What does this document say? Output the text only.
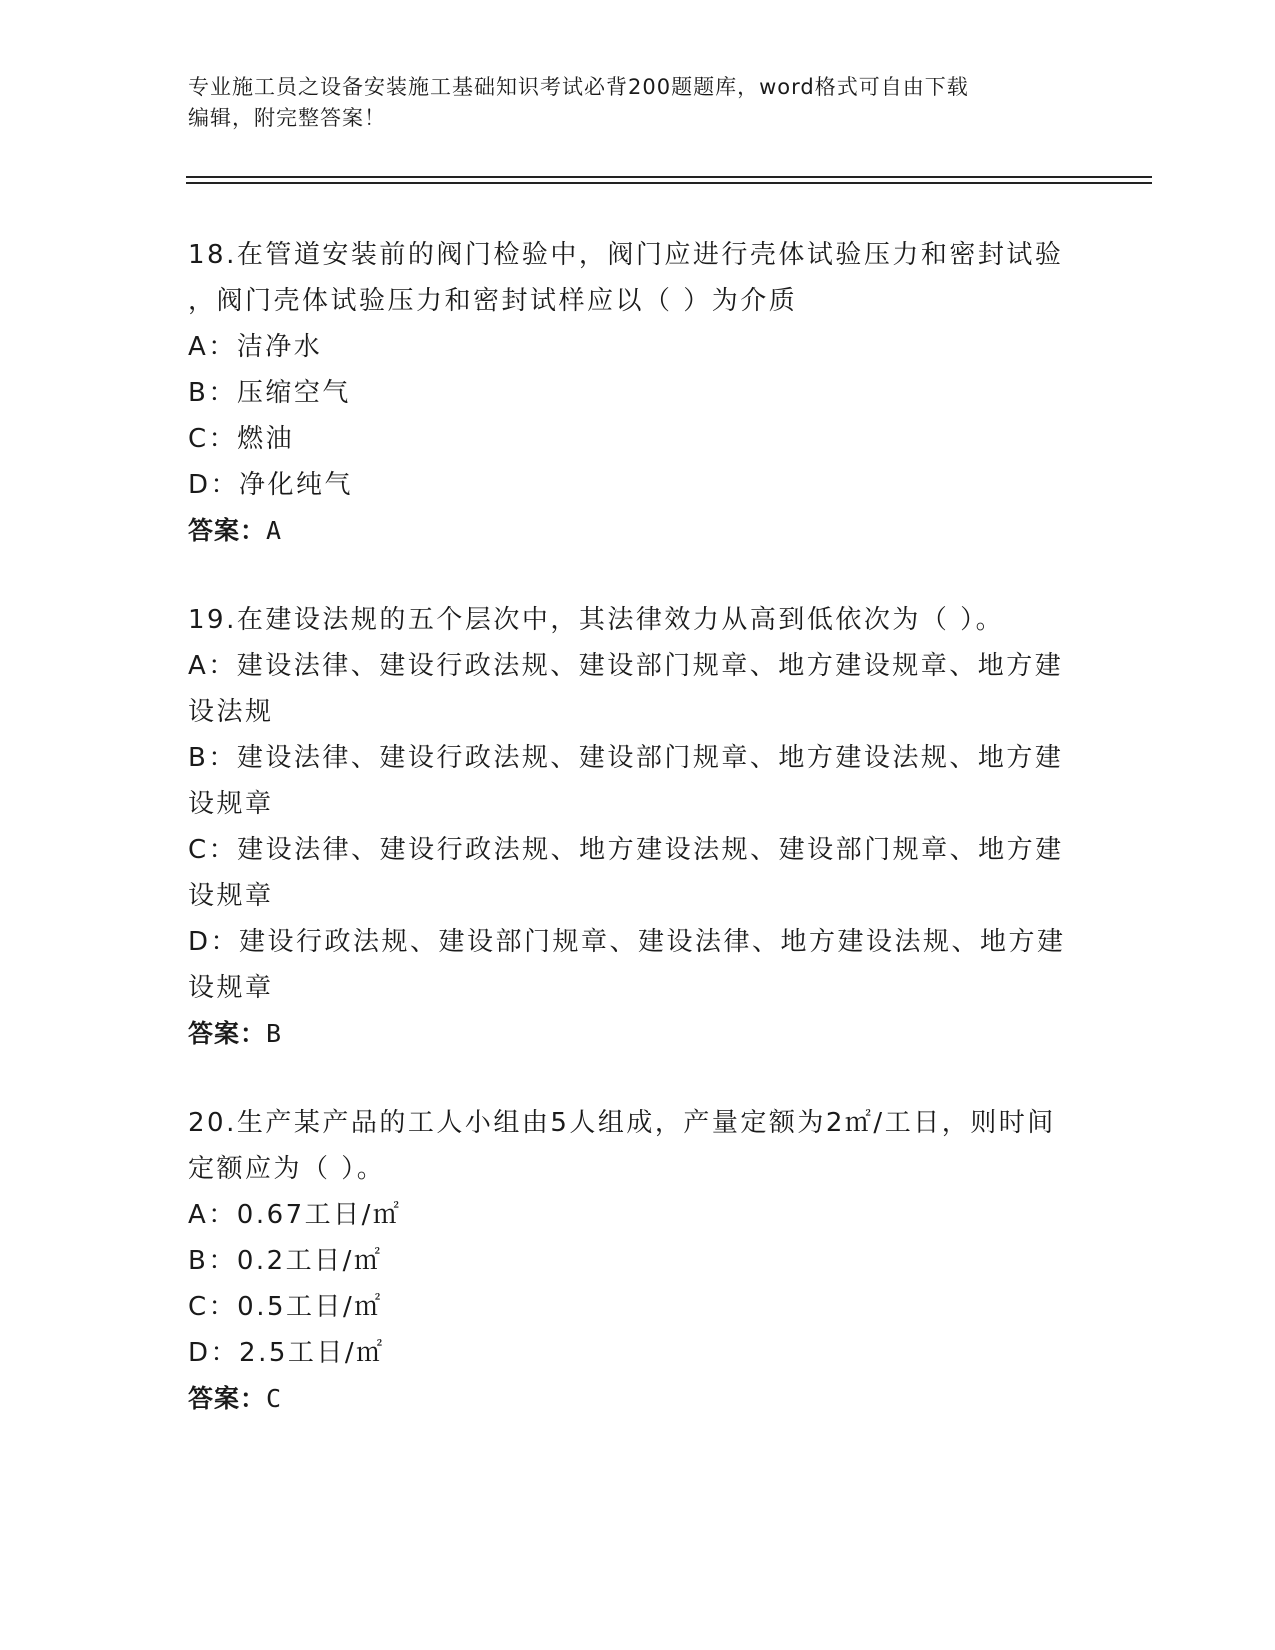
专业施工员之设备安装施工基础知识考试必背200题题库，word格式可自由下载
编辑，附完整答案！
18.在管道安装前的阀门检验中，阀门应进行壳体试验压力和密封试验
，阀门壳体试验压力和密封试样应以（ ）为介质
A：洁净水
B：压缩空气
C：燃油
D：净化纯气
答案：A
19.在建设法规的五个层次中，其法律效力从高到低依次为（ ）。
A：建设法律、建设行政法规、建设部门规章、地方建设规章、地方建
设法规
B：建设法律、建设行政法规、建设部门规章、地方建设法规、地方建
设规章
C：建设法律、建设行政法规、地方建设法规、建设部门规章、地方建
设规章
D：建设行政法规、建设部门规章、建设法律、地方建设法规、地方建
设规章
答案：B
20.生产某产品的工人小组由5人组成，产量定额为2㎡/工日，则时间
定额应为（ ）。
A：0.67工日/㎡
B：0.2工日/㎡
C：0.5工日/㎡
D：2.5工日/㎡
答案：C
